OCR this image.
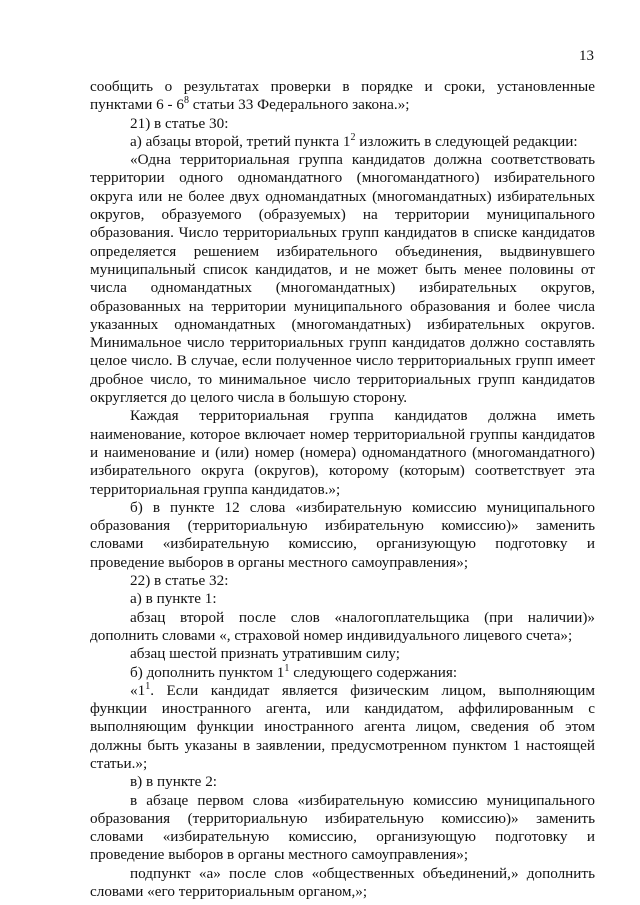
13

сообщить о результатах проверки в порядке и сроки, установленные пунктами $6 - 6^8$ статьи 33 Федерального закона.»;

21) в статье 30:

а) абзацы второй, третий пункта $1^2$ изложить в следующей редакции:

«Одна территориальная группа кандидатов должна соответствовать территории одного одномандатного (многомандатного) избирательного округа или не более двух одномандатных (многомандатных) избирательных округов, образуемого (образуемых) на территории муниципального образования. Число территориальных групп кандидатов в списке кандидатов определяется решением избирательного объединения, выдвинувшего муниципальный список кандидатов, и не может быть менее половины от числа одномандатных (многомандатных) избирательных округов, образованных на территории муниципального образования и более числа указанных одномандатных (многомандатных) избирательных округов. Минимальное число территориальных групп кандидатов должно составлять целое число. В случае, если полученное число территориальных групп имеет дробное число, то минимальное число территориальных групп кандидатов округляется до целого числа в большую сторону.

Каждая территориальная группа кандидатов должна иметь наименование, которое включает номер территориальной группы кандидатов и наименование и (или) номер (номера) одномандатного (многомандатного) избирательного округа (округов), которому (которым) соответствует эта территориальная группа кандидатов.»;

б) в пункте 12 слова «избирательную комиссию муниципального образования (территориальную избирательную комиссию)» заменить словами «избирательную комиссию, организующую подготовку и проведение выборов в органы местного самоуправления»;

22) в статье 32:

а) в пункте 1:

абзац второй после слов «налогоплательщика (при наличии)» дополнить словами «, страховой номер индивидуального лицевого счета»;

абзац шестой признать утратившим силу;

б) дополнить пунктом $1^1$ следующего содержания:

«$1^1$. Если кандидат является физическим лицом, выполняющим функции иностранного агента, или кандидатом, аффилированным с выполняющим функции иностранного агента лицом, сведения об этом должны быть указаны в заявлении, предусмотренном пунктом 1 настоящей статьи.»;

в) в пункте 2:

в абзаце первом слова «избирательную комиссию муниципального образования (территориальную избирательную комиссию)» заменить словами «избирательную комиссию, организующую подготовку и проведение выборов в органы местного самоуправления»;

подпункт «а» после слов «общественных объединений,» дополнить словами «его территориальным органом,»;
